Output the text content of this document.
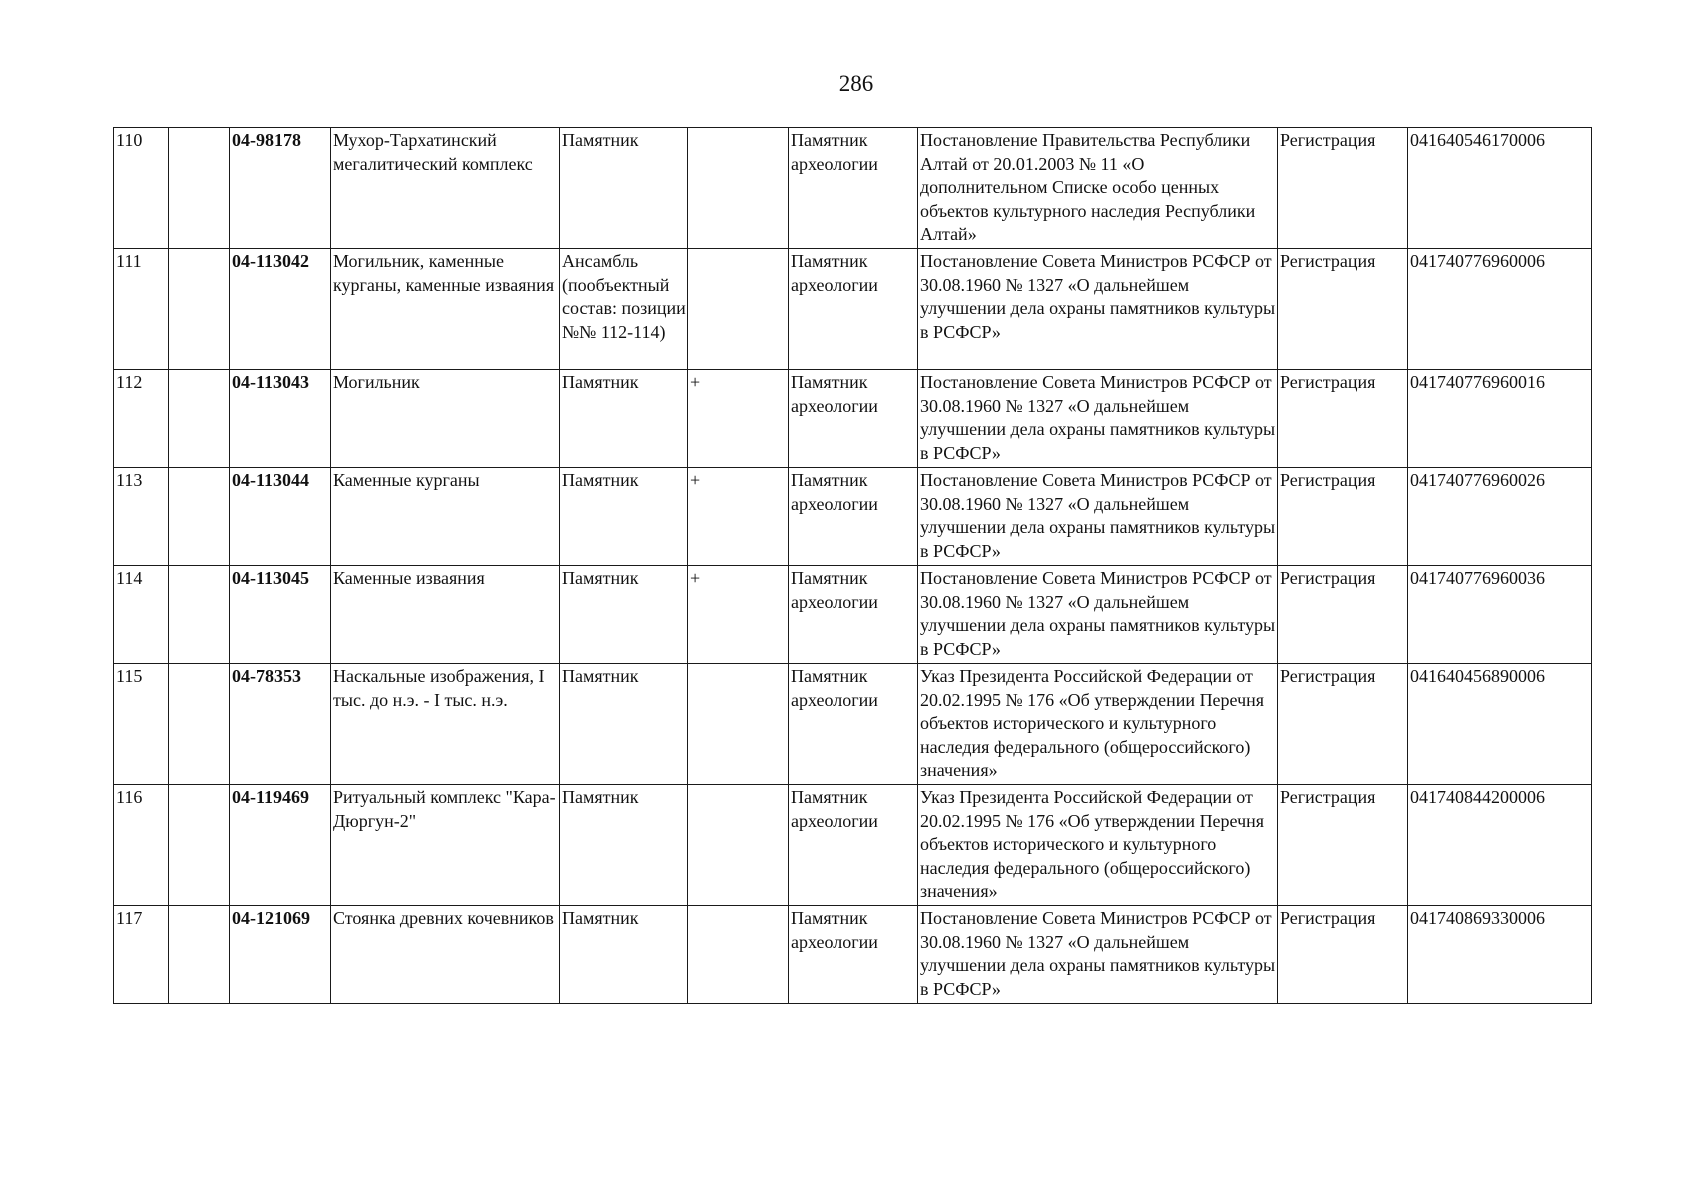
286
110		04-98178	Мухор-Тархатинский мегалитический комплекс	Памятник		Памятник археологии	Постановление Правительства Республики Алтай от 20.01.2003 № 11 «О дополнительном Списке особо ценных объектов культурного наследия Республики Алтай»	Регистрация	041640546170006
111		04-113042	Могильник, каменные курганы, каменные изваяния	Ансамбль (пообъектный состав: позиции №№ 112-114)		Памятник археологии	Постановление Совета Министров РСФСР от 30.08.1960 № 1327 «О дальнейшем улучшении дела охраны памятников культуры в РСФСР»	Регистрация	041740776960006
112		04-113043	Могильник	Памятник	+	Памятник археологии	Постановление Совета Министров РСФСР от 30.08.1960 № 1327 «О дальнейшем улучшении дела охраны памятников культуры в РСФСР»	Регистрация	041740776960016
113		04-113044	Каменные курганы	Памятник	+	Памятник археологии	Постановление Совета Министров РСФСР от 30.08.1960 № 1327 «О дальнейшем улучшении дела охраны памятников культуры в РСФСР»	Регистрация	041740776960026
114		04-113045	Каменные изваяния	Памятник	+	Памятник археологии	Постановление Совета Министров РСФСР от 30.08.1960 № 1327 «О дальнейшем улучшении дела охраны памятников культуры в РСФСР»	Регистрация	041740776960036
115		04-78353	Наскальные изображения, I тыс. до н.э. - I тыс. н.э.	Памятник		Памятник археологии	Указ Президента Российской Федерации от 20.02.1995 № 176 «Об утверждении Перечня объектов исторического и культурного наследия федерального (общероссийского) значения»	Регистрация	041640456890006
116		04-119469	Ритуальный комплекс "Кара-Дюргун-2"	Памятник		Памятник археологии	Указ Президента Российской Федерации от 20.02.1995 № 176 «Об утверждении Перечня объектов исторического и культурного наследия федерального (общероссийского) значения»	Регистрация	041740844200006
117		04-121069	Стоянка древних кочевников	Памятник		Памятник археологии	Постановление Совета Министров РСФСР от 30.08.1960 № 1327 «О дальнейшем улучшении дела охраны памятников культуры в РСФСР»	Регистрация	041740869330006
